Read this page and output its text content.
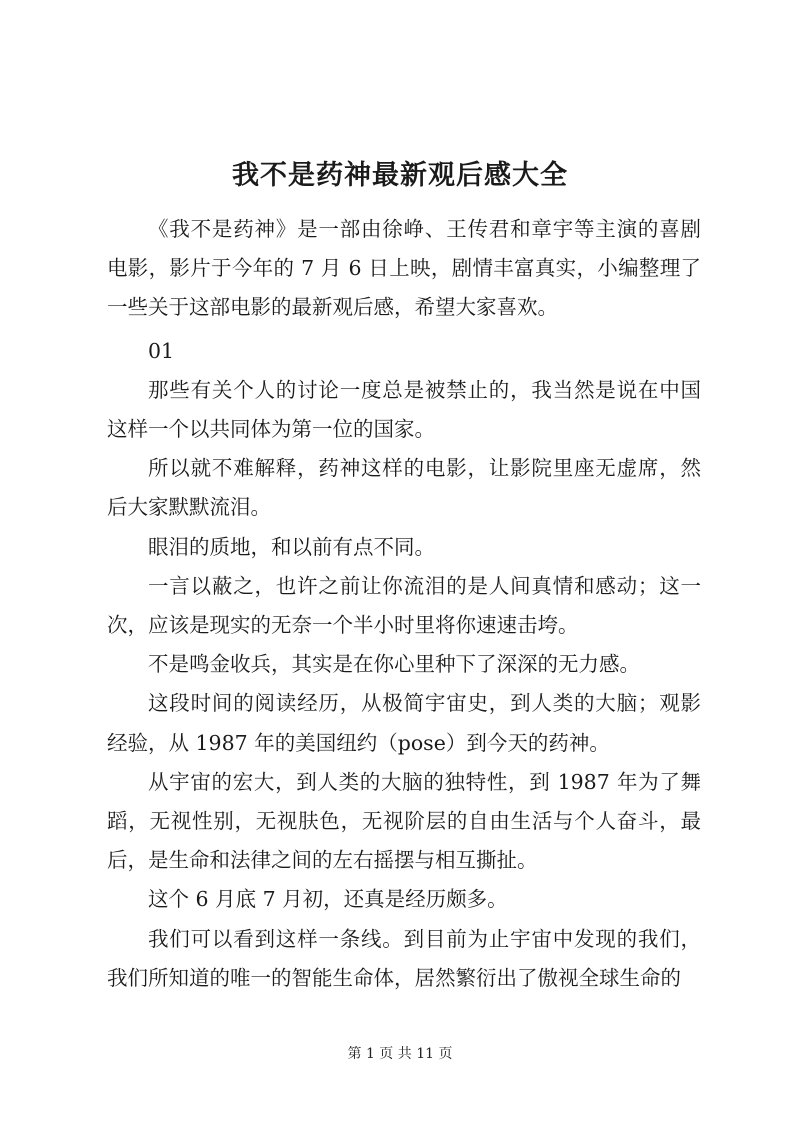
我不是药神最新观后感大全

《我不是药神》是一部由徐峥、王传君和章宇等主演的喜剧电影，影片于今年的 7 月 6 日上映，剧情丰富真实，小编整理了一些关于这部电影的最新观后感，希望大家喜欢。

01

那些有关个人的讨论一度总是被禁止的，我当然是说在中国这样一个以共同体为第一位的国家。

所以就不难解释，药神这样的电影，让影院里座无虚席，然后大家默默流泪。

眼泪的质地，和以前有点不同。

一言以蔽之，也许之前让你流泪的是人间真情和感动；这一次，应该是现实的无奈一个半小时里将你速速击垮。

不是鸣金收兵，其实是在你心里种下了深深的无力感。

这段时间的阅读经历，从极简宇宙史，到人类的大脑；观影经验，从 1987 年的美国纽约（pose）到今天的药神。

从宇宙的宏大，到人类的大脑的独特性，到 1987 年为了舞蹈，无视性别，无视肤色，无视阶层的自由生活与个人奋斗，最后，是生命和法律之间的左右摇摆与相互撕扯。

这个 6 月底 7 月初，还真是经历颇多。

我们可以看到这样一条线。到目前为止宇宙中发现的我们，我们所知道的唯一的智能生命体，居然繁衍出了傲视全球生命的

第 1 页 共 11 页
